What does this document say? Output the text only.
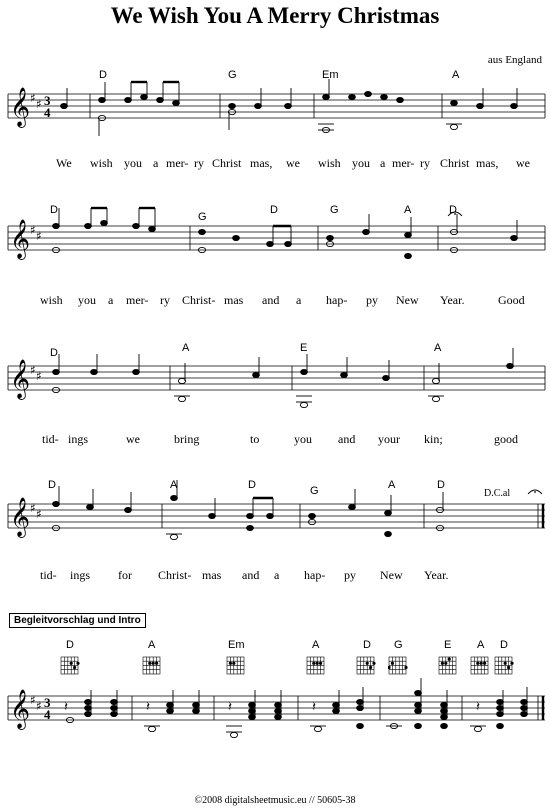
We Wish You A Merry Christmas
aus England
𝄞 ♯ ♯ 3
4
D	G	Em	A
We wish you a mer- ry Christ mas, we wish you a mer- ry Christ mas, we
𝄞 ♯ ♯
D
G
D	G	A	D
wish you a mer- ry Christ- mas and a hap- py New Year.	Good
𝄞 ♯ ♯
D	A	E	A
tid- ings	we	bring	to	you and your kin;	good
𝄞 ♯ ♯
D	A	D	G	A	D
D.C.al
tid- ings for Christ- mas and a hap- py New Year.
Begleitvorschlag und Intro
D	A	Em	A	D G	E A D
𝄞 ♯ ♯ 3
4 𝄽	𝄽	𝄽	𝄽	𝄽
©2008 digitalsheetmusic.eu // 50605-38
